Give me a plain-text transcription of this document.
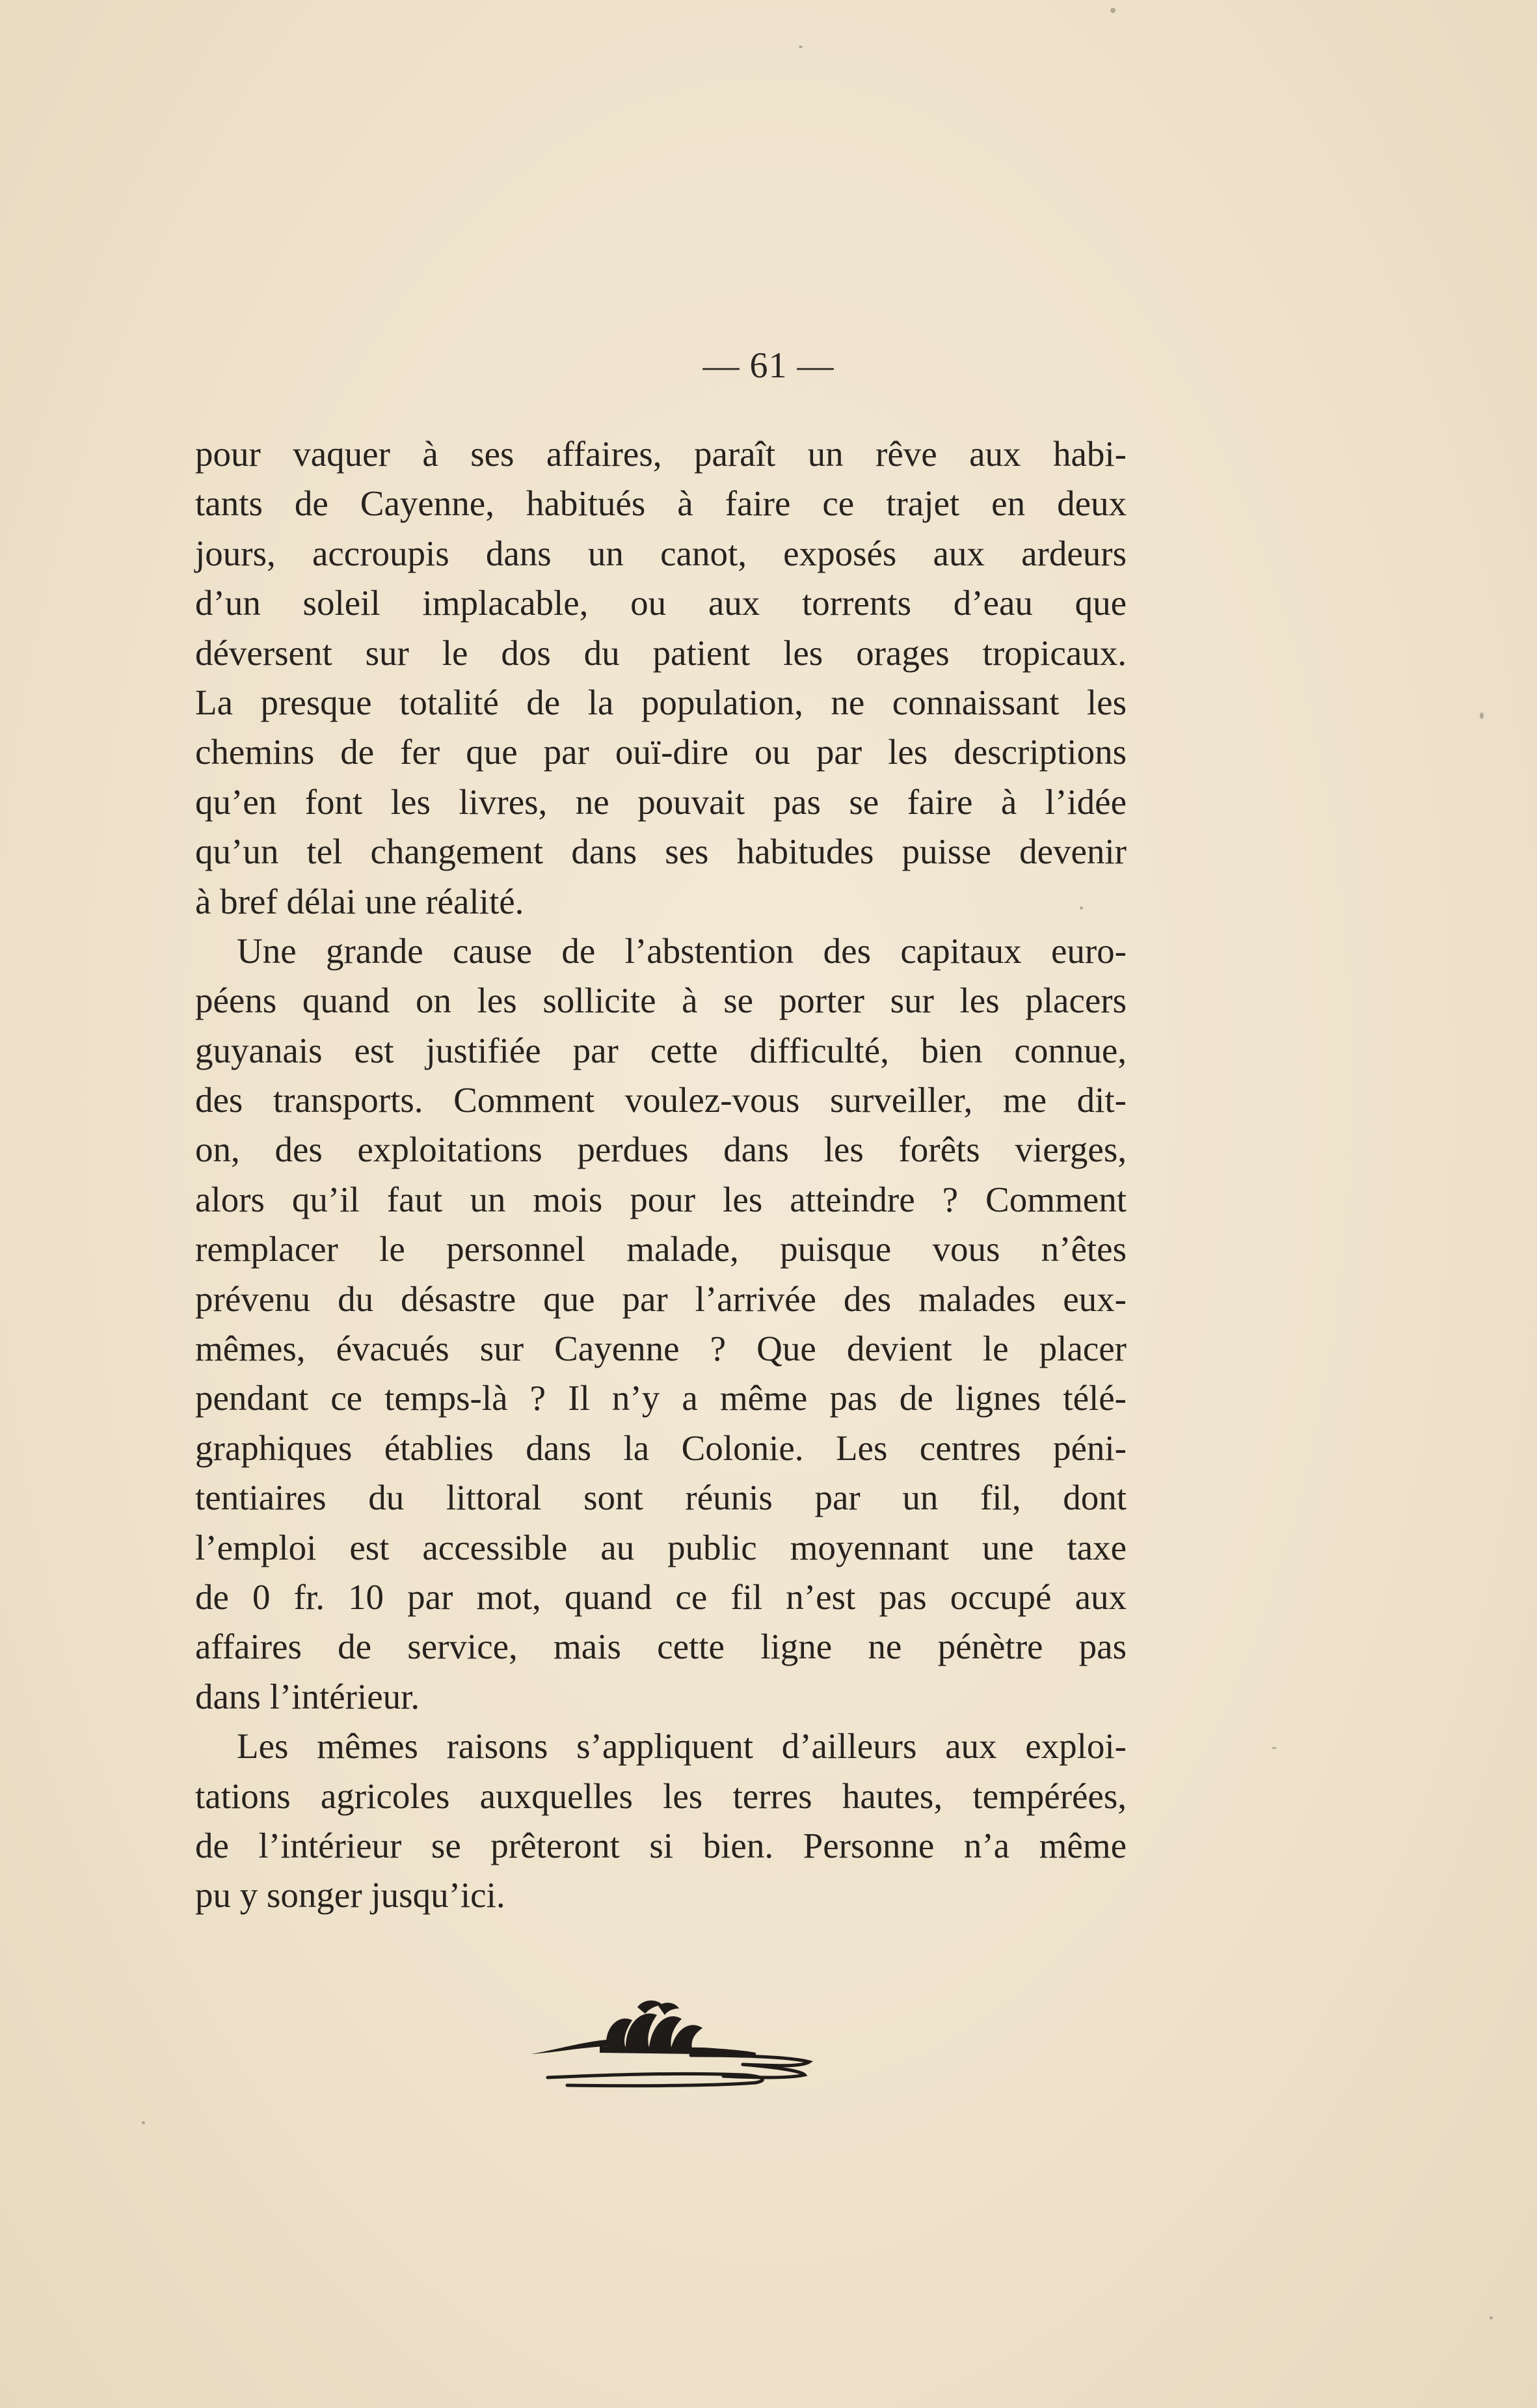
— 61 —
pour vaquer à ses affaires, paraît un rêve aux habi-
tants de Cayenne, habitués à faire ce trajet en deux
jours, accroupis dans un canot, exposés aux ardeurs
d’un soleil implacable, ou aux torrents d’eau que
déversent sur le dos du patient les orages tropicaux.
La presque totalité de la population, ne connaissant les
chemins de fer que par ouï-dire ou par les descriptions
qu’en font les livres, ne pouvait pas se faire à l’idée
qu’un tel changement dans ses habitudes puisse devenir
à bref délai une réalité.
Une grande cause de l’abstention des capitaux euro-
péens quand on les sollicite à se porter sur les placers
guyanais est justifiée par cette difficulté, bien connue,
des transports. Comment voulez-vous surveiller, me dit-
on, des exploitations perdues dans les forêts vierges,
alors qu’il faut un mois pour les atteindre ? Comment
remplacer le personnel malade, puisque vous n’êtes
prévenu du désastre que par l’arrivée des malades eux-
mêmes, évacués sur Cayenne ? Que devient le placer
pendant ce temps-là ? Il n’y a même pas de lignes télé-
graphiques établies dans la Colonie. Les centres péni-
tentiaires du littoral sont réunis par un fil, dont
l’emploi est accessible au public moyennant une taxe
de 0 fr. 10 par mot, quand ce fil n’est pas occupé aux
affaires de service, mais cette ligne ne pénètre pas
dans l’intérieur.
Les mêmes raisons s’appliquent d’ailleurs aux exploi-
tations agricoles auxquelles les terres hautes, tempérées,
de l’intérieur se prêteront si bien. Personne n’a même
pu y songer jusqu’ici.
